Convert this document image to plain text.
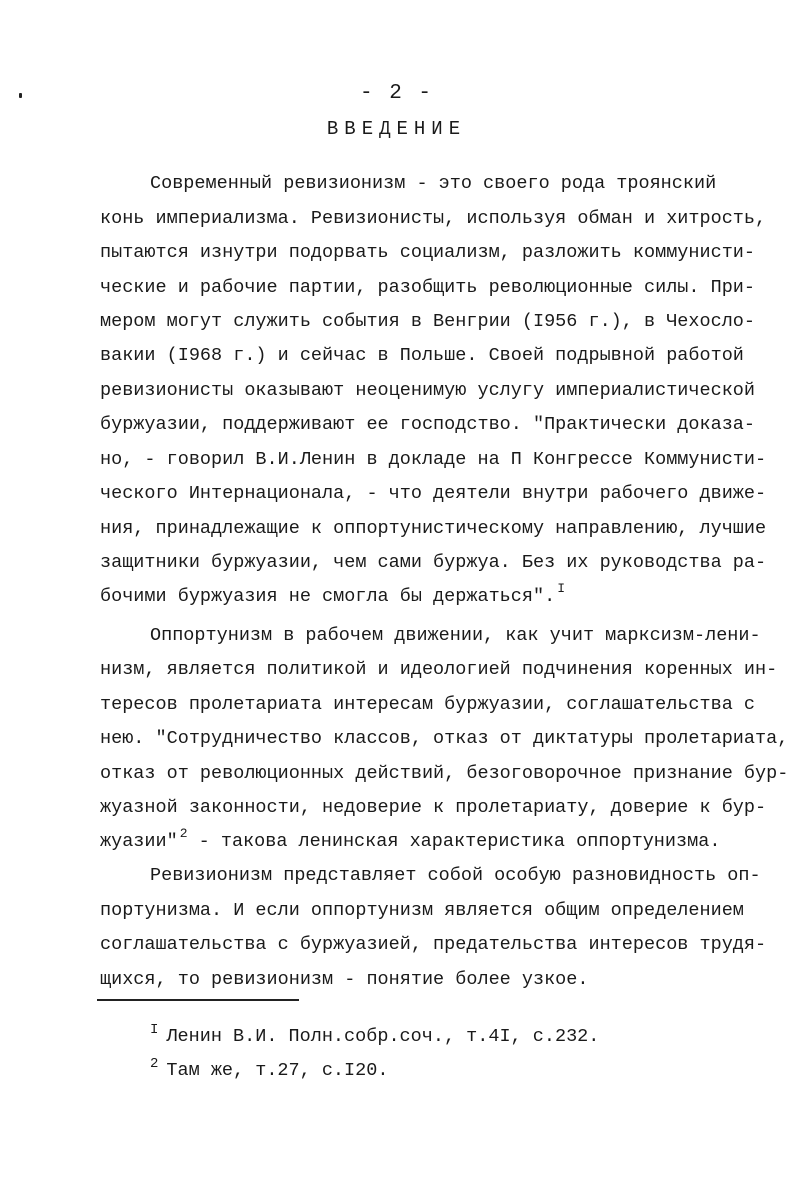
- 2 -
ВВЕДЕНИЕ
Современный ревизионизм - это своего рода троянский
конь империализма. Ревизионисты, используя обман и хитрость,
пытаются изнутри подорвать социализм, разложить коммунисти-
ческие и рабочие партии, разобщить революционные силы. При-
мером могут служить события в Венгрии (I956 г.), в Чехосло-
вакии (I968 г.) и сейчас в Польше. Своей подрывной работой
ревизионисты оказывают неоценимую услугу империалистической
буржуазии, поддерживают ее господство. "Практически доказа-
но, - говорил В.И.Ленин в докладе на П Конгрессе Коммунисти-
ческого Интернационала, - что деятели внутри рабочего движе-
ния, принадлежащие к оппортунистическому направлению, лучшие
защитники буржуазии, чем сами буржуа. Без их руководства ра-
бочими буржуазия не смогла бы держаться". $^I$
Оппортунизм в рабочем движении, как учит марксизм-лени-
низм, является политикой и идеологией подчинения коренных ин-
тересов пролетариата интересам буржуазии, соглашательства с
нею. "Сотрудничество классов, отказ от диктатуры пролетариата,
отказ от революционных действий, безоговорочное признание бур-
жуазной законности, недоверие к пролетариату, доверие к бур-
жуазии" $^2$ - такова ленинская характеристика оппортунизма.
Ревизионизм представляет собой особую разновидность оп-
портунизма. И если оппортунизм является общим определением
соглашательства с буржуазией, предательства интересов трудя-
щихся, то ревизионизм - понятие более узкое.
$^I$ Ленин В.И. Полн.собр.соч., т.4I, с.232.
$^2$ Там же, т.27, с.I20.
